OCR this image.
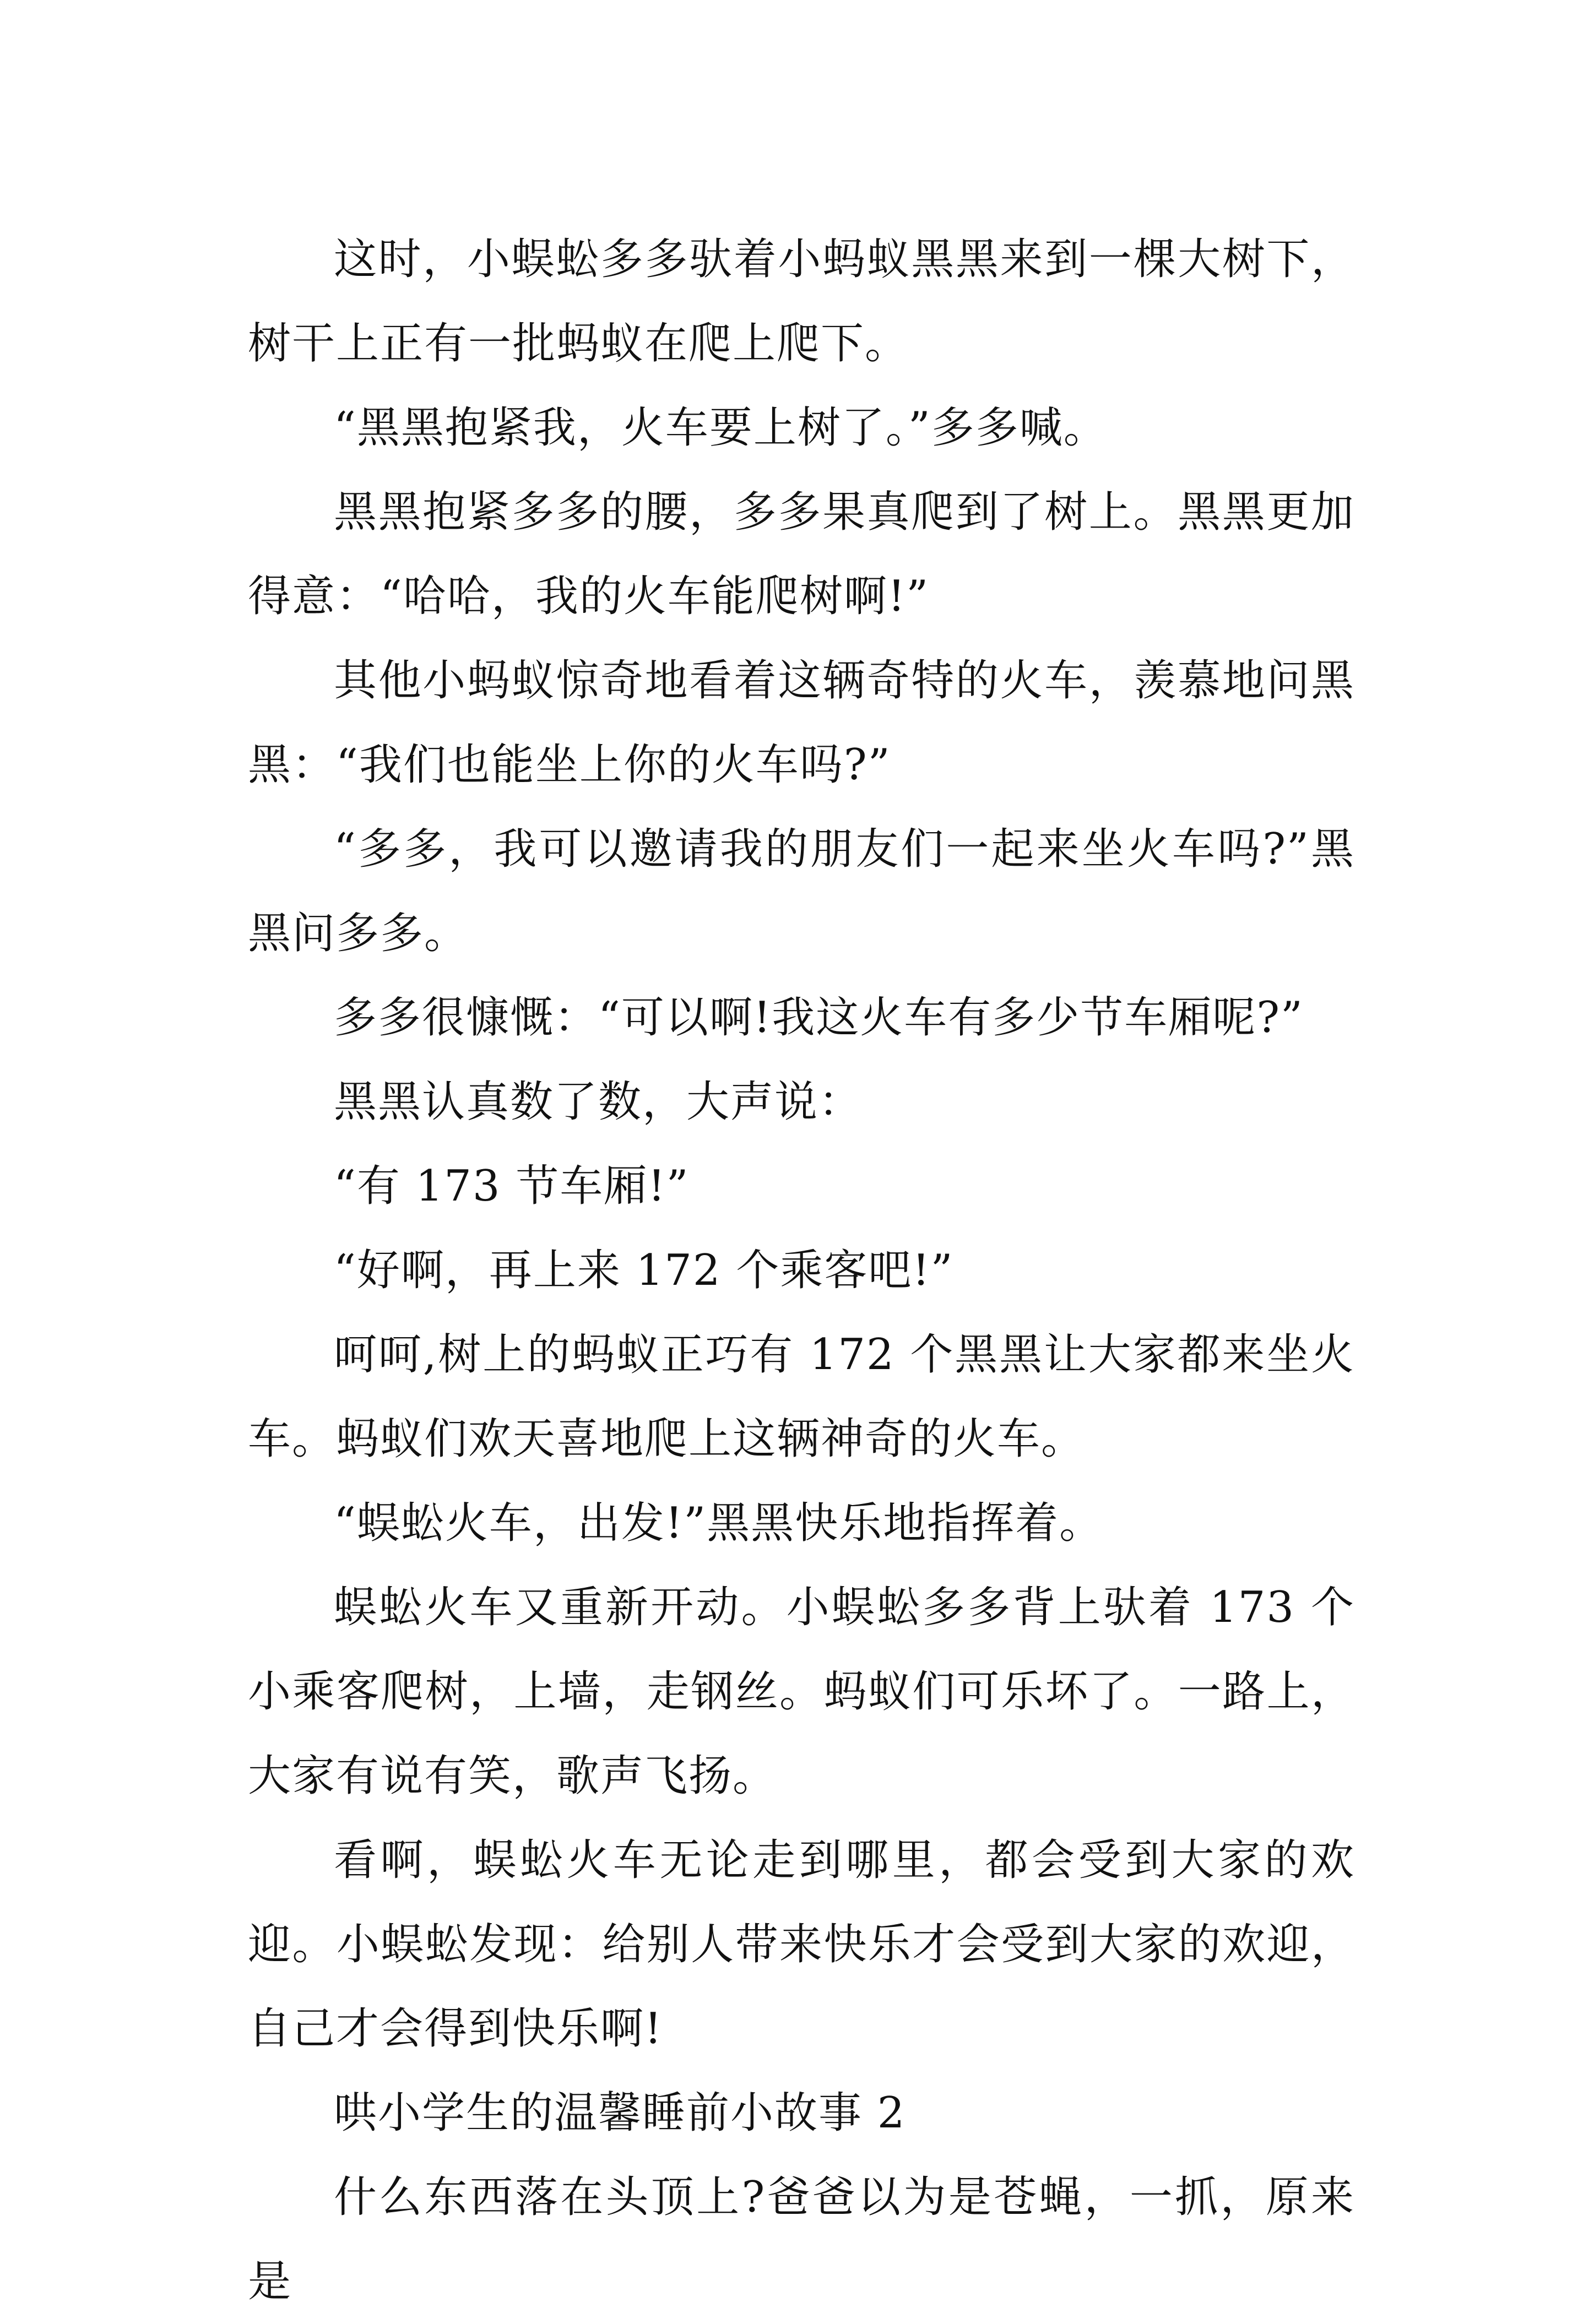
这时，小蜈蚣多多驮着小蚂蚁黑黑来到一棵大树下，树干上正有一批蚂蚁在爬上爬下。

“黑黑抱紧我，火车要上树了。”多多喊。

黑黑抱紧多多的腰，多多果真爬到了树上。黑黑更加得意：“哈哈，我的火车能爬树啊!”

其他小蚂蚁惊奇地看着这辆奇特的火车，羡慕地问黑黑：“我们也能坐上你的火车吗?”

“多多，我可以邀请我的朋友们一起来坐火车吗?”黑黑问多多。

多多很慷慨：“可以啊!我这火车有多少节车厢呢?”

黑黑认真数了数，大声说：

“有 173 节车厢!”

“好啊，再上来 172 个乘客吧!”

呵呵,树上的蚂蚁正巧有 172 个黑黑让大家都来坐火车。蚂蚁们欢天喜地爬上这辆神奇的火车。

“蜈蚣火车，出发!”黑黑快乐地指挥着。

蜈蚣火车又重新开动。小蜈蚣多多背上驮着 173 个小乘客爬树，上墙，走钢丝。蚂蚁们可乐坏了。一路上，大家有说有笑，歌声飞扬。

看啊，蜈蚣火车无论走到哪里，都会受到大家的欢迎。小蜈蚣发现：给别人带来快乐才会受到大家的欢迎，自己才会得到快乐啊!

哄小学生的温馨睡前小故事 2

什么东西落在头顶上?爸爸以为是苍蝇，一抓，原来是
